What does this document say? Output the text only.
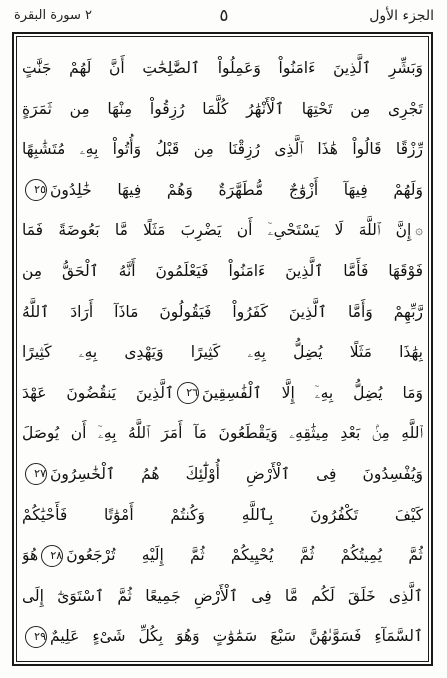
الجزء الأول
٥
٢ سورة البقرة
وَبَشِّرِ ٱلَّذِينَ ءَامَنُواْ وَعَمِلُواْ ٱلصَّٰلِحَٰتِ أَنَّ لَهُمْ جَنَّٰتٍ
تَجْرِى مِن تَحْتِهَا ٱلْأَنْهَٰرُ كُلَّمَا رُزِقُواْ مِنْهَا مِن ثَمَرَةٍ
رِّزْقًا قَالُواْ هَٰذَا ٱلَّذِى رُزِقْنَا مِن قَبْلُ وَأُتُواْ بِهِۦ مُتَشَٰبِهًا
وَلَهُمْ فِيهَآ أَزْوَٰجٌ مُّطَهَّرَةٌ وَهُمْ فِيهَا خَٰلِدُونَ٢٥
۞إِنَّ ٱللَّهَ لَا يَسْتَحْىِۦٓ أَن يَضْرِبَ مَثَلًا مَّا بَعُوضَةً فَمَا
فَوْقَهَا فَأَمَّا ٱلَّذِينَ ءَامَنُواْ فَيَعْلَمُونَ أَنَّهُ ٱلْحَقُّ مِن
رَّبِّهِمْ وَأَمَّا ٱلَّذِينَ كَفَرُواْ فَيَقُولُونَ مَاذَآ أَرَادَ ٱللَّهُ
بِهَٰذَا مَثَلًا يُضِلُّ بِهِۦ كَثِيرًا وَيَهْدِى بِهِۦ كَثِيرًا
وَمَا يُضِلُّ بِهِۦٓ إِلَّا ٱلْفَٰسِقِينَ٢٦ٱلَّذِينَ يَنقُضُونَ عَهْدَ
ٱللَّهِ مِنۢ بَعْدِ مِيثَٰقِهِۦ وَيَقْطَعُونَ مَآ أَمَرَ ٱللَّهُ بِهِۦٓ أَن يُوصَلَ
وَيُفْسِدُونَ فِى ٱلْأَرْضِ أُوْلَٰٓئِكَ هُمُ ٱلْخَٰسِرُونَ٢٧
كَيْفَ تَكْفُرُونَ بِٱللَّهِ وَكُنتُمْ أَمْوَٰتًا فَأَحْيَٰكُمْ
ثُمَّ يُمِيتُكُمْ ثُمَّ يُحْيِيكُمْ ثُمَّ إِلَيْهِ تُرْجَعُونَ٢٨هُوَ
ٱلَّذِى خَلَقَ لَكُم مَّا فِى ٱلْأَرْضِ جَمِيعًا ثُمَّ ٱسْتَوَىٰٓ إِلَى
ٱلسَّمَآءِ فَسَوَّىٰهُنَّ سَبْعَ سَمَٰوَٰتٍ وَهُوَ بِكُلِّ شَىْءٍ عَلِيمٌ٢٩
